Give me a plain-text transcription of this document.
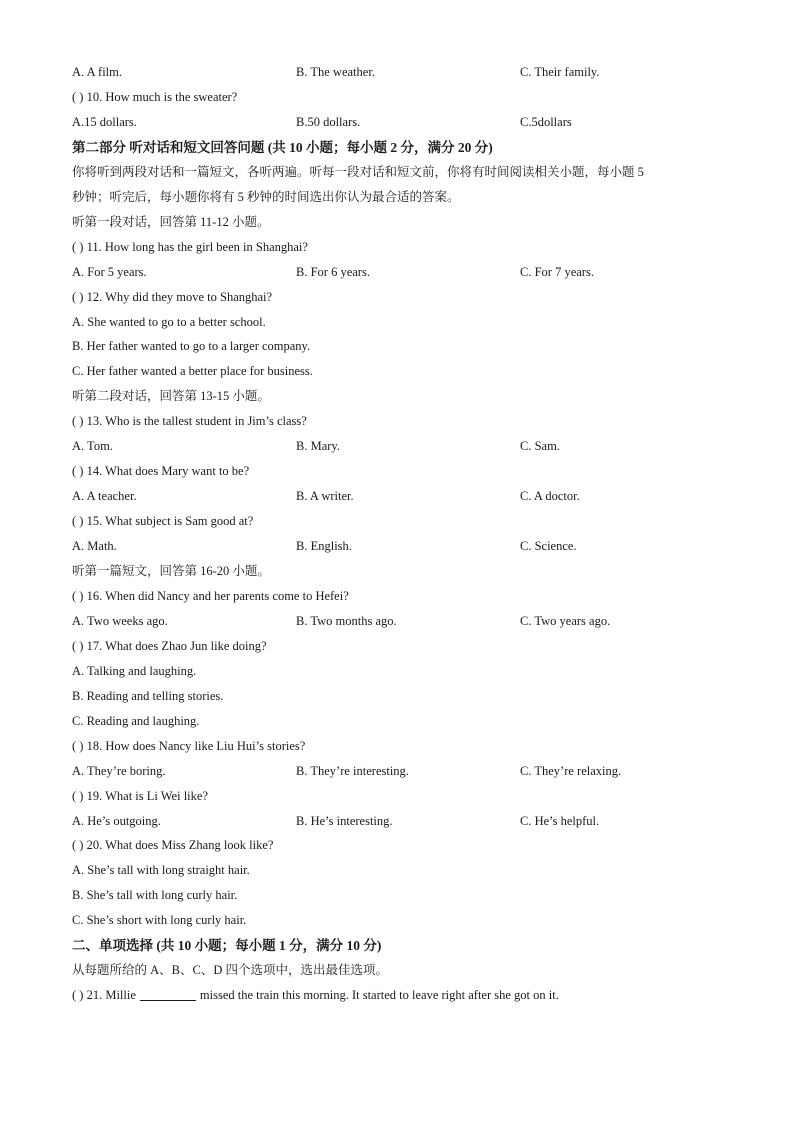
A. A film.	B. The weather.	C. Their family.
( ) 10. How much is the sweater?
A.15 dollars.	B.50 dollars.	C.5dollars
第二部分 听对话和短文回答问题 (共 10 小题；每小题 2 分，满分 20 分)
你将听到两段对话和一篇短文，各听两遍。听每一段对话和短文前，你将有时间阅读相关小题，每小题 5
秒钟；听完后，每小题你将有 5 秒钟的时间选出你认为最合适的答案。
听第一段对话，回答第 11-12 小题。
( ) 11. How long has the girl been in Shanghai?
A. For 5 years.	B. For 6 years.	C. For 7 years.
( ) 12. Why did they move to Shanghai?
A. She wanted to go to a better school.
B. Her father wanted to go to a larger company.
C. Her father wanted a better place for business.
听第二段对话，回答第 13-15 小题。
( ) 13. Who is the tallest student in Jim’s class?
A. Tom.	B. Mary.	C. Sam.
( ) 14. What does Mary want to be?
A. A teacher.	B. A writer.	C. A doctor.
( ) 15. What subject is Sam good at?
A. Math.	B. English.	C. Science.
听第一篇短文，回答第 16-20 小题。
( ) 16. When did Nancy and her parents come to Hefei?
A. Two weeks ago.	B. Two months ago.	C. Two years ago.
( ) 17. What does Zhao Jun like doing?
A. Talking and laughing.
B. Reading and telling stories.
C. Reading and laughing.
( ) 18. How does Nancy like Liu Hui’s stories?
A. They’re boring.	B. They’re interesting.	C. They’re relaxing.
( ) 19. What is Li Wei like?
A. He’s outgoing.	B. He’s interesting.	C. He’s helpful.
( ) 20. What does Miss Zhang look like?
A. She’s tall with long straight hair.
B. She’s tall with long curly hair.
C. She’s short with long curly hair.
二、单项选择 (共 10 小题；每小题 1 分，满分 10 分)
从每题所给的 A、B、C、D 四个选项中，选出最佳选项。
( ) 21. Millie	missed the train this morning. It started to leave right after she got on it.
